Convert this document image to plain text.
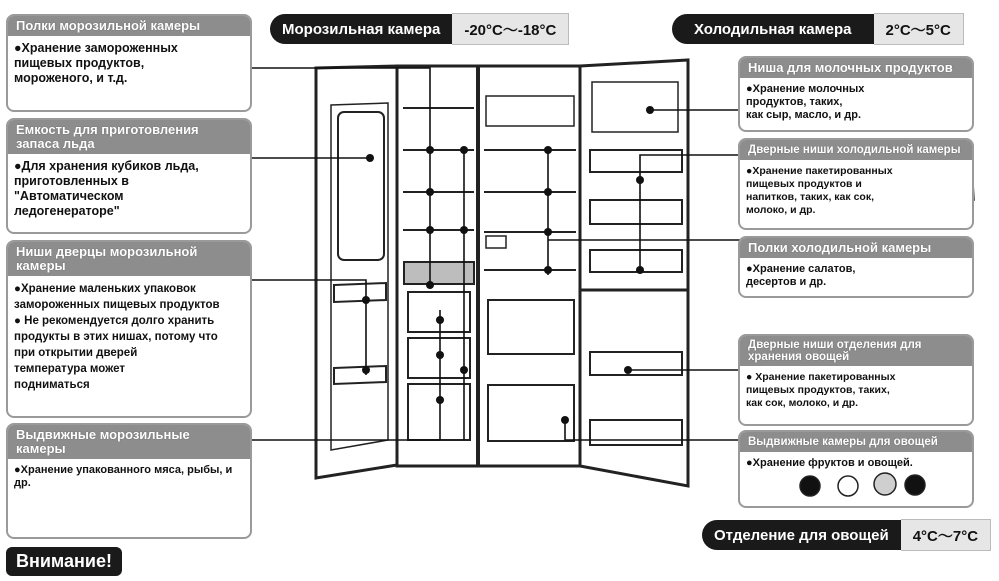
Морозильная камера	-20°C～-18°C	Холодильная камера	2°C～5°C
Отделение для овощей	4°C～7°C
Полки морозильной камеры
●Хранение замороженных
пищевых продуктов,
мороженого, и т.д.
Емкость для приготовления
запаса льда
●Для хранения кубиков льда,
приготовленных в
"Автоматическом
ледогенераторе"
Ниши дверцы морозильной
камеры
●Хранение маленьких упаковок
замороженных пищевых продуктов
● Не рекомендуется долго хранить
продукты в этих нишах, потому что
при открытии дверей
температура может
подниматься
Выдвижные морозильные
камеры
●Хранение упакованного мяса, рыбы, и др.
Ниша для молочных продуктов
●Хранение молочных
продуктов, таких,
как сыр, масло, и др.
Дверные ниши холодильной камеры
●Хранение пакетированных
пищевых продуктов и
напитков, таких, как сок,
молоко, и др.
Полки холодильной камеры
●Хранение салатов,
десертов и др.
Дверные ниши отделения для
хранения овощей
● Хранение пакетированных
пищевых продуктов, таких,
как сок, молоко, и др.
Выдвижные камеры для овощей
●Хранение фруктов и овощей.
Внимание!
